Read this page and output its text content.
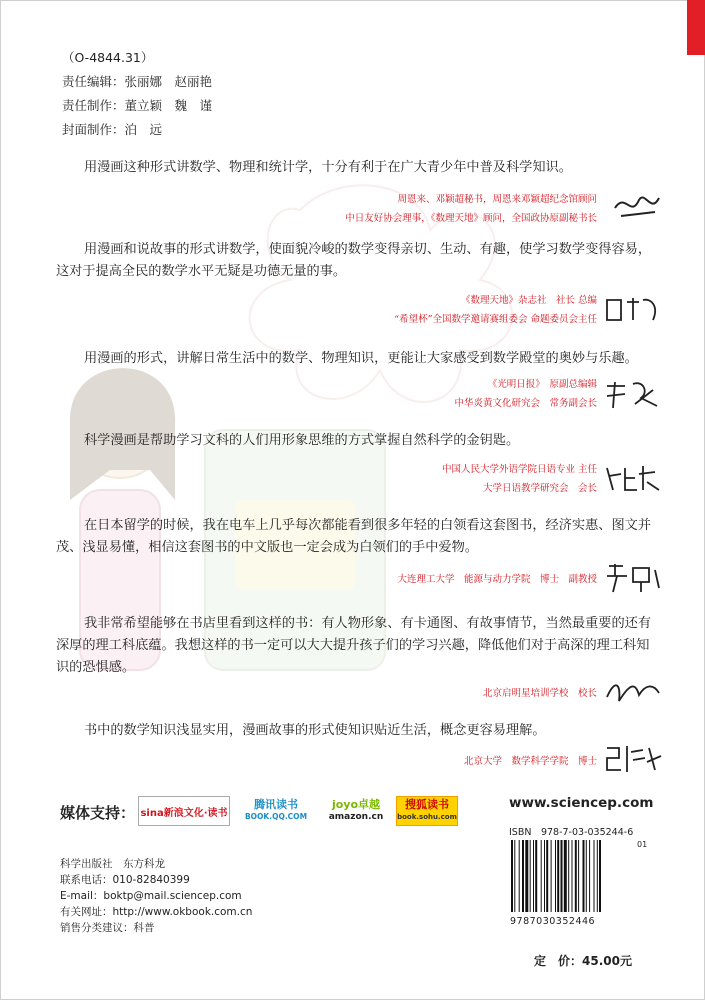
（O-4844.31）
责任编辑：张丽娜　赵丽艳
责任制作：董立颖　魏　谨
封面制作：泊　远
用漫画这种形式讲数学、物理和统计学，十分有利于在广大青少年中普及科学知识。
周恩来、邓颖超秘书，周恩来邓颖超纪念馆顾问
中日友好协会理事，《数理天地》顾问，全国政协原副秘书长
用漫画和说故事的形式讲数学，使面貌冷峻的数学变得亲切、生动、有趣，使学习数学变得容易，这对于提高全民的数学水平无疑是功德无量的事。
《数理天地》杂志社　社长 总编
“希望杯”全国数学邀请赛组委会 命题委员会主任
用漫画的形式，讲解日常生活中的数学、物理知识，更能让大家感受到数学殿堂的奥妙与乐趣。
《光明日报》　原副总编辑
中华炎黄文化研究会　常务副会长
科学漫画是帮助学习文科的人们用形象思维的方式掌握自然科学的金钥匙。
中国人民大学外语学院日语专业 主任
大学日语教学研究会　会长
在日本留学的时候，我在电车上几乎每次都能看到很多年轻的白领看这套图书，经济实惠、图文并茂、浅显易懂，相信这套图书的中文版也一定会成为白领们的手中爱物。
大连理工大学　能源与动力学院　博士　副教授
我非常希望能够在书店里看到这样的书：有人物形象、有卡通图、有故事情节，当然最重要的还有深厚的理工科底蕴。我想这样的书一定可以大大提升孩子们的学习兴趣，降低他们对于高深的理工科知识的恐惧感。
北京启明星培训学校　校长
书中的数学知识浅显实用，漫画故事的形式使知识贴近生活，概念更容易理解。
北京大学　数学科学学院　博士
媒体支持： sina新浪文化·读书
腾讯读书
BOOK.QQ.COM
joyo卓越
amazon.cn
搜狐读书
book.sohu.com
www.sciencep.com
ISBN　978-7-03-035244-6
01
9787030352446
科学出版社　东方科龙
联系电话：010-82840399
E-mail：boktp@mail.sciencep.com
有关网址：http://www.okbook.com.cn
销售分类建议：科普
定　价：45.00元
